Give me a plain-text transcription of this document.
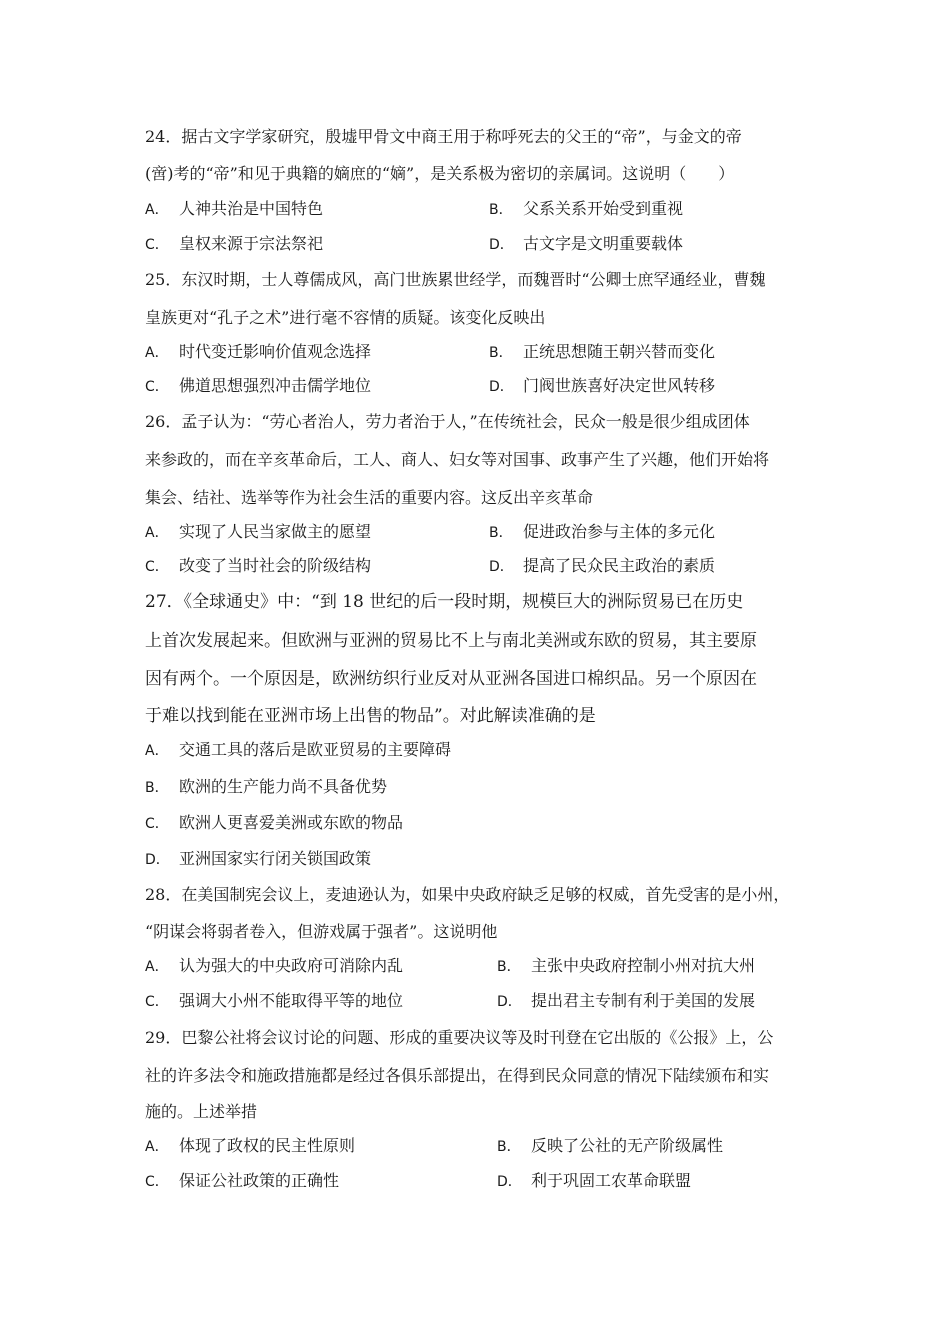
24．据古文字学家研究，殷墟甲骨文中商王用于称呼死去的父王的“帝”，与金文的帝
(啻)考的“帝”和见于典籍的嫡庶的“嫡”，是关系极为密切的亲属词。这说明（　　）
A． 人神共治是中国特色	B． 父系关系开始受到重视
C． 皇权来源于宗法祭祀	D． 古文字是文明重要载体
25．东汉时期，士人尊儒成风，高门世族累世经学，而魏晋时“公卿士庶罕通经业，曹魏
皇族更对“孔子之术”进行毫不容情的质疑。该变化反映出
A． 时代变迁影响价值观念选择	B． 正统思想随王朝兴替而变化
C． 佛道思想强烈冲击儒学地位	D． 门阀世族喜好决定世风转移
26．孟子认为：“劳心者治人，劳力者治于人，”在传统社会，民众一般是很少组成团体
来参政的，而在辛亥革命后，工人、商人、妇女等对国事、政事产生了兴趣，他们开始将
集会、结社、选举等作为社会生活的重要内容。这反出辛亥革命
A． 实现了人民当家做主的愿望	B． 促进政治参与主体的多元化
C． 改变了当时社会的阶级结构	D． 提高了民众民主政治的素质
27．《全球通史》中：“到 18 世纪的后一段时期，规模巨大的洲际贸易已在历史
上首次发展起来。但欧洲与亚洲的贸易比不上与南北美洲或东欧的贸易，其主要原
因有两个。一个原因是，欧洲纺织行业反对从亚洲各国进口棉织品。另一个原因在
于难以找到能在亚洲市场上出售的物品”。对此解读准确的是
A． 交通工具的落后是欧亚贸易的主要障碍
B． 欧洲的生产能力尚不具备优势
C． 欧洲人更喜爱美洲或东欧的物品
D． 亚洲国家实行闭关锁国政策
28．在美国制宪会议上，麦迪逊认为，如果中央政府缺乏足够的权威，首先受害的是小州，
“阴谋会将弱者卷入，但游戏属于强者”。这说明他
A． 认为强大的中央政府可消除内乱	B． 主张中央政府控制小州对抗大州
C． 强调大小州不能取得平等的地位	D． 提出君主专制有利于美国的发展
29．巴黎公社将会议讨论的问题、形成的重要决议等及时刊登在它出版的《公报》上，公
社的许多法令和施政措施都是经过各俱乐部提出，在得到民众同意的情况下陆续颁布和实
施的。上述举措
A． 体现了政权的民主性原则	B． 反映了公社的无产阶级属性
C． 保证公社政策的正确性	D． 利于巩固工农革命联盟
